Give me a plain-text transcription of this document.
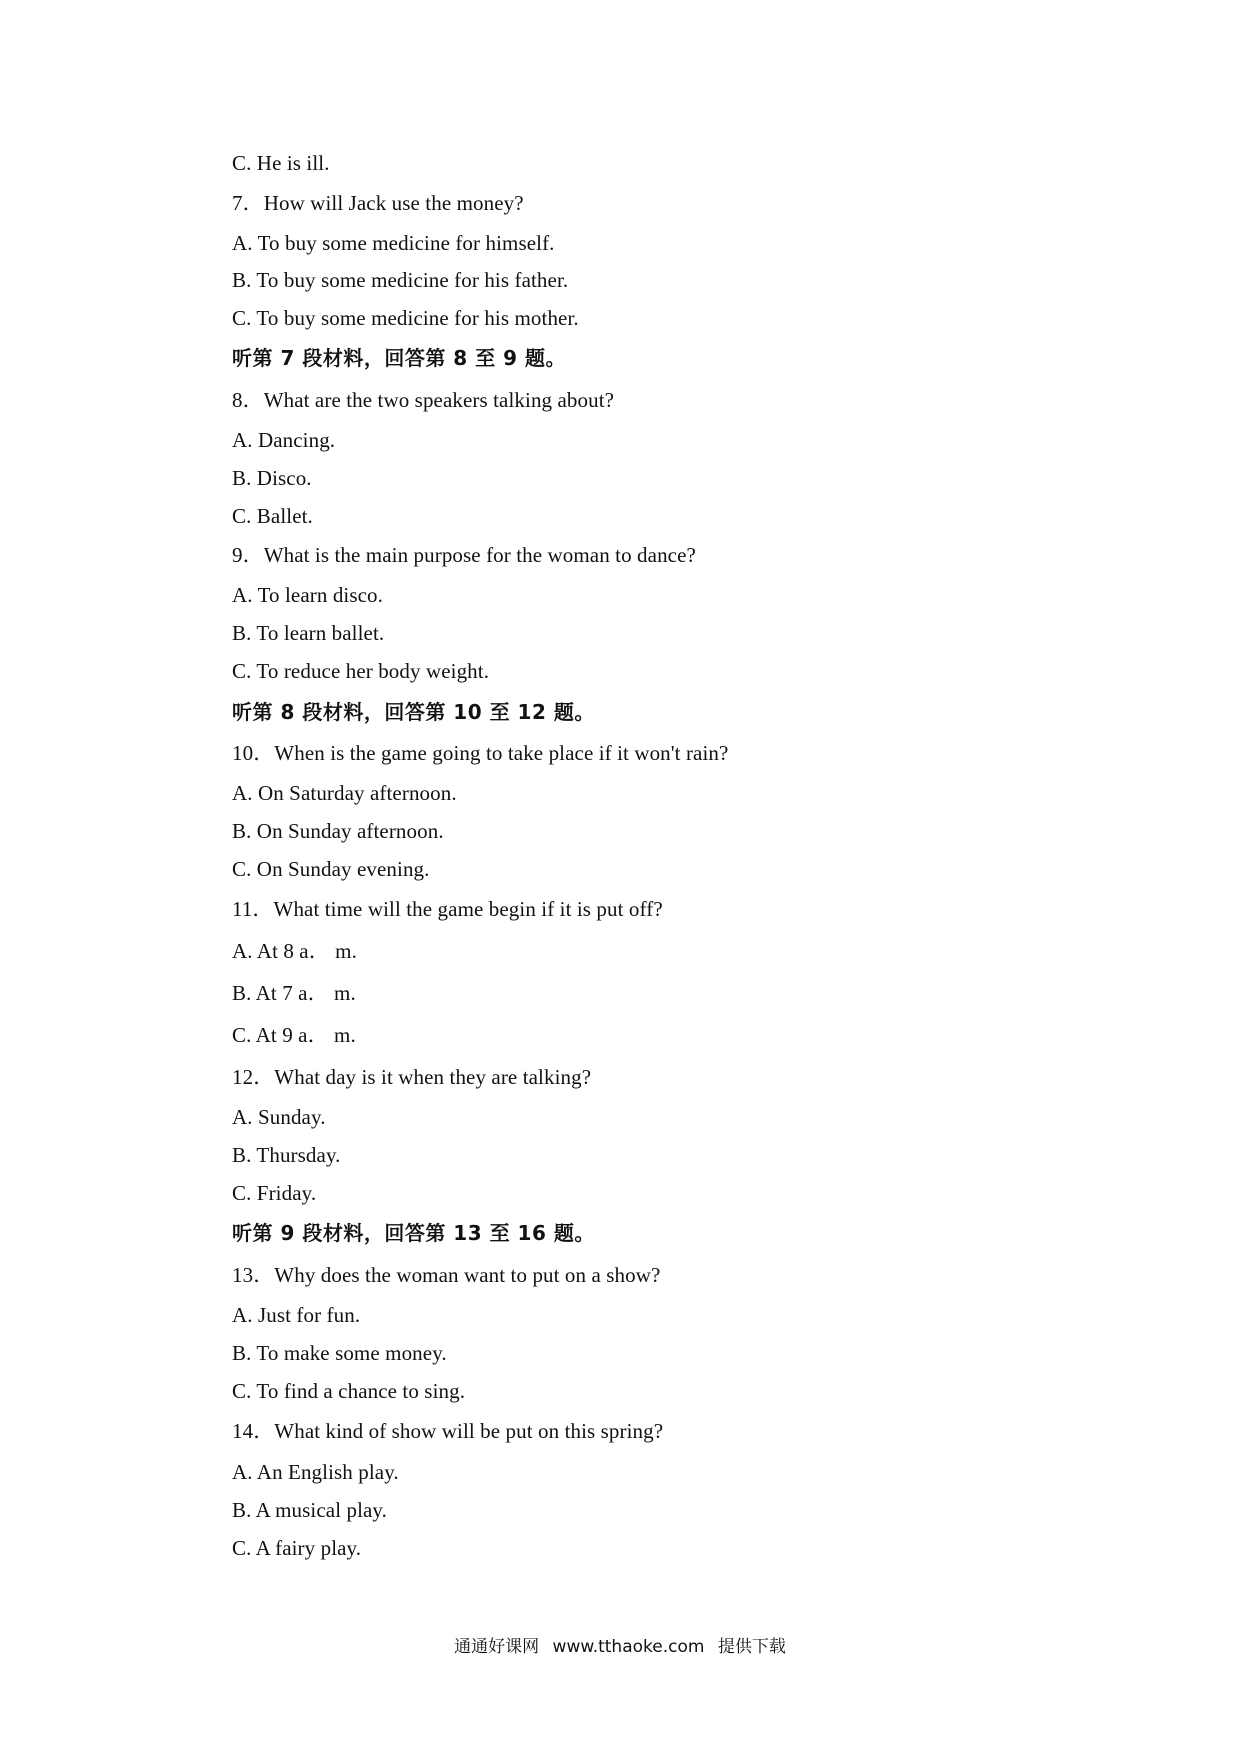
C. He is ill.
7．How will Jack use the money?
A. To buy some medicine for himself.
B. To buy some medicine for his father.
C. To buy some medicine for his mother.
听第 7 段材料，回答第 8 至 9 题。
8．What are the two speakers talking about?
A. Dancing.
B. Disco.
C. Ballet.
9．What is the main purpose for the woman to dance?
A. To learn disco.
B. To learn ballet.
C. To reduce her body weight.
听第 8 段材料，回答第 10 至 12 题。
10．When is the game going to take place if it won't rain?
A. On Saturday afternoon.
B. On Sunday afternoon.
C. On Sunday evening.
11．What time will the game begin if it is put off?
A. At 8 a． m.
B. At 7 a． m.
C. At 9 a． m.
12．What day is it when they are talking?
A. Sunday.
B. Thursday.
C. Friday.
听第 9 段材料，回答第 13 至 16 题。
13．Why does the woman want to put on a show?
A. Just for fun.
B. To make some money.
C. To find a chance to sing.
14．What kind of show will be put on this spring?
A. An English play.
B. A musical play.
C. A fairy play.
通通好课网 www.tthaoke.com 提供下载
